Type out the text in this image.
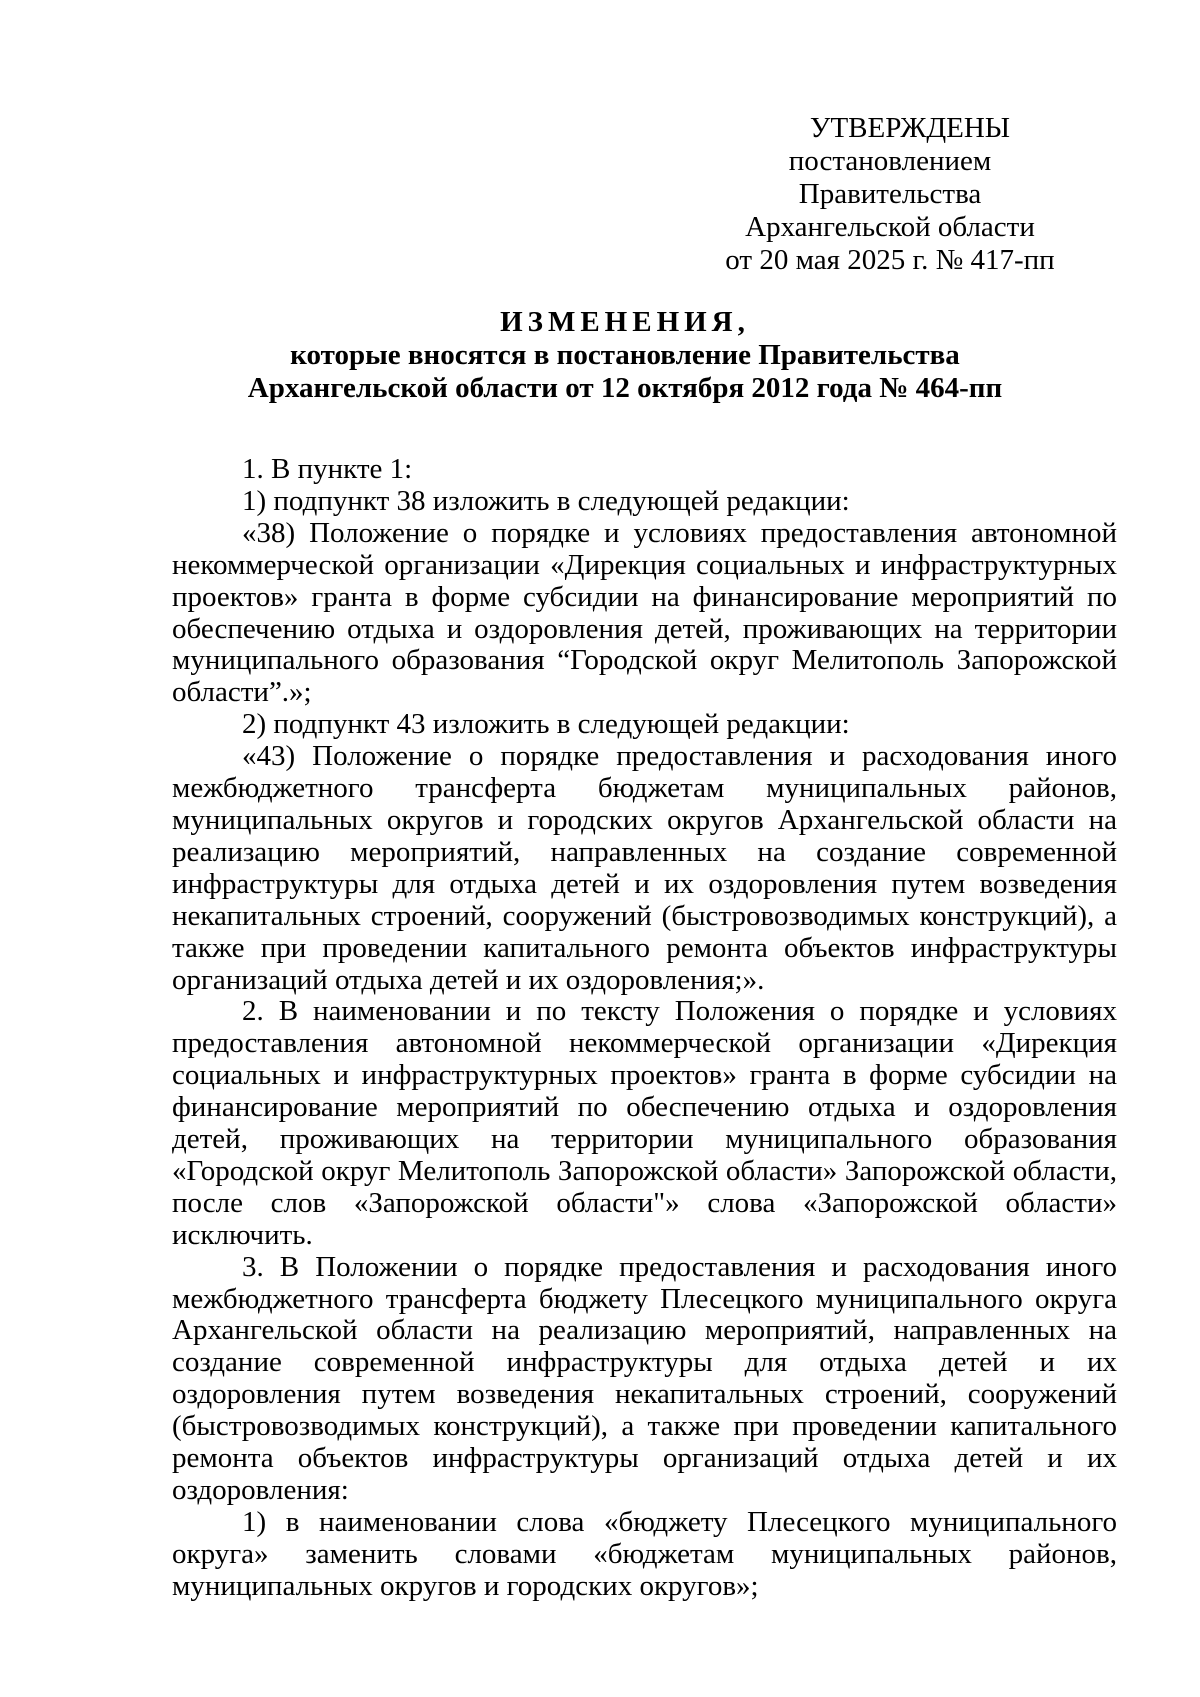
УТВЕРЖДЕНЫ
постановлением Правительства
Архангельской области
от 20 мая 2025 г. № 417-пп
ИЗМЕНЕНИЯ,
которые вносятся в постановление Правительства
Архангельской области от 12 октября 2012 года № 464-пп

1. В пункте 1:

1) подпункт 38 изложить в следующей редакции:

«38) Положение о порядке и условиях предоставления автономной некоммерческой организации «Дирекция социальных и инфраструктурных проектов» гранта в форме субсидии на финансирование мероприятий по обеспечению отдыха и оздоровления детей, проживающих на территории муниципального образования “Городской округ Мелитополь Запорожской области”.»;

2) подпункт 43 изложить в следующей редакции:

«43) Положение о порядке предоставления и расходования иного межбюджетного трансферта бюджетам муниципальных районов, муниципальных округов и городских округов Архангельской области на реализацию мероприятий, направленных на создание современной инфраструктуры для отдыха детей и их оздоровления путем возведения некапитальных строений, сооружений (быстровозводимых конструкций), а также при проведении капитального ремонта объектов инфраструктуры организаций отдыха детей и их оздоровления;».

2. В наименовании и по тексту Положения о порядке и условиях предоставления автономной некоммерческой организации «Дирекция социальных и инфраструктурных проектов» гранта в форме субсидии на финансирование мероприятий по обеспечению отдыха и оздоровления детей, проживающих на территории муниципального образования «Городской округ Мелитополь Запорожской области» Запорожской области, после слов «Запорожской области"» слова «Запорожской области» исключить.

3. В Положении о порядке предоставления и расходования иного межбюджетного трансферта бюджету Плесецкого муниципального округа Архангельской области на реализацию мероприятий, направленных на создание современной инфраструктуры для отдыха детей и их оздоровления путем возведения некапитальных строений, сооружений (быстровозводимых конструкций), а также при проведении капитального ремонта объектов инфраструктуры организаций отдыха детей и их оздоровления:

1) в наименовании слова «бюджету Плесецкого муниципального округа» заменить словами «бюджетам муниципальных районов, муниципальных округов и городских округов»;
